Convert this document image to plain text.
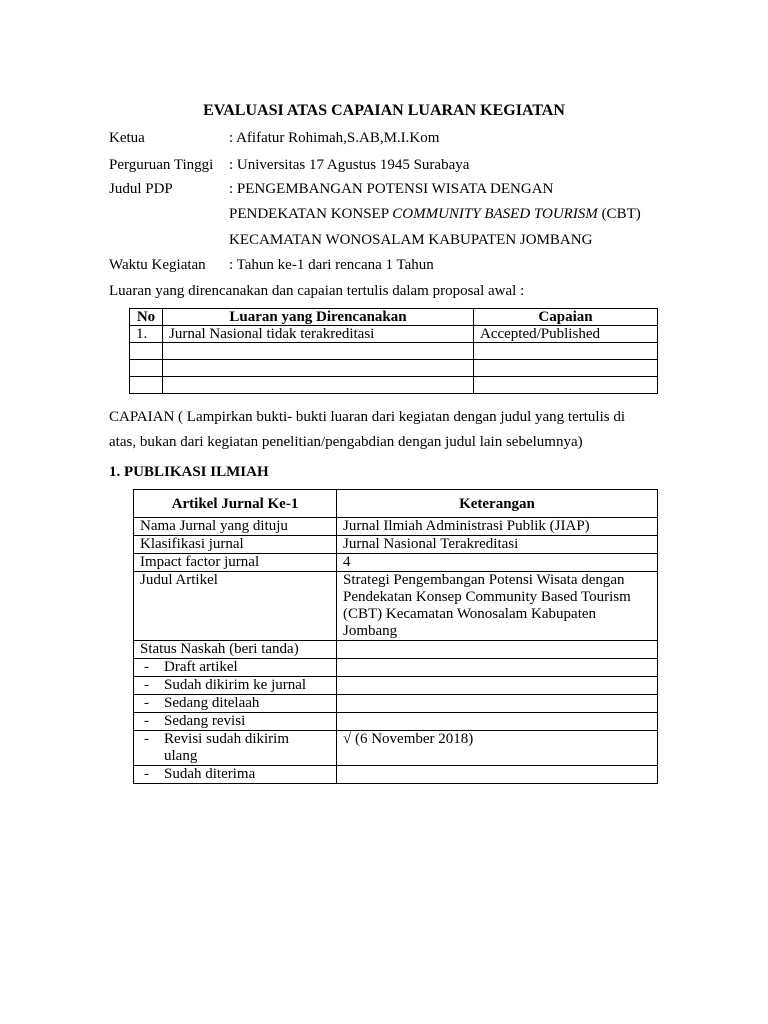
EVALUASI ATAS CAPAIAN LUARAN KEGIATAN
Ketua	: Afifatur Rohimah,S.AB,M.I.Kom
Perguruan Tinggi : Universitas 17 Agustus 1945 Surabaya
Judul PDP	: PENGEMBANGAN POTENSI WISATA DENGAN
PENDEKATAN KONSEP COMMUNITY BASED TOURISM (CBT)
KECAMATAN WONOSALAM KABUPATEN JOMBANG
Waktu Kegiatan : Tahun ke-1 dari rencana 1 Tahun
Luaran yang direncanakan dan capaian tertulis dalam proposal awal :
No	Luaran yang Direncanakan	Capaian
1.	Jurnal Nasional tidak terakreditasi	Accepted/Published

CAPAIAN ( Lampirkan bukti- bukti luaran dari kegiatan dengan judul yang tertulis di
atas, bukan dari kegiatan penelitian/pengabdian dengan judul lain sebelumnya)
1. PUBLIKASI ILMIAH
Artikel Jurnal Ke-1	Keterangan
Nama Jurnal yang dituju	Jurnal Ilmiah Administrasi Publik (JIAP)
Klasifikasi jurnal	Jurnal Nasional Terakreditasi
Impact factor jurnal	4
Judul Artikel	Strategi Pengembangan Potensi Wisata dengan Pendekatan Konsep Community Based Tourism (CBT) Kecamatan Wonosalam Kabupaten Jombang
Status Naskah (beri tanda)	
- Draft artikel	
- Sudah dikirim ke jurnal	
- Sedang ditelaah	
- Sedang revisi	
- Revisi sudah dikirim ulang	√ (6 November 2018)
- Sudah diterima	
